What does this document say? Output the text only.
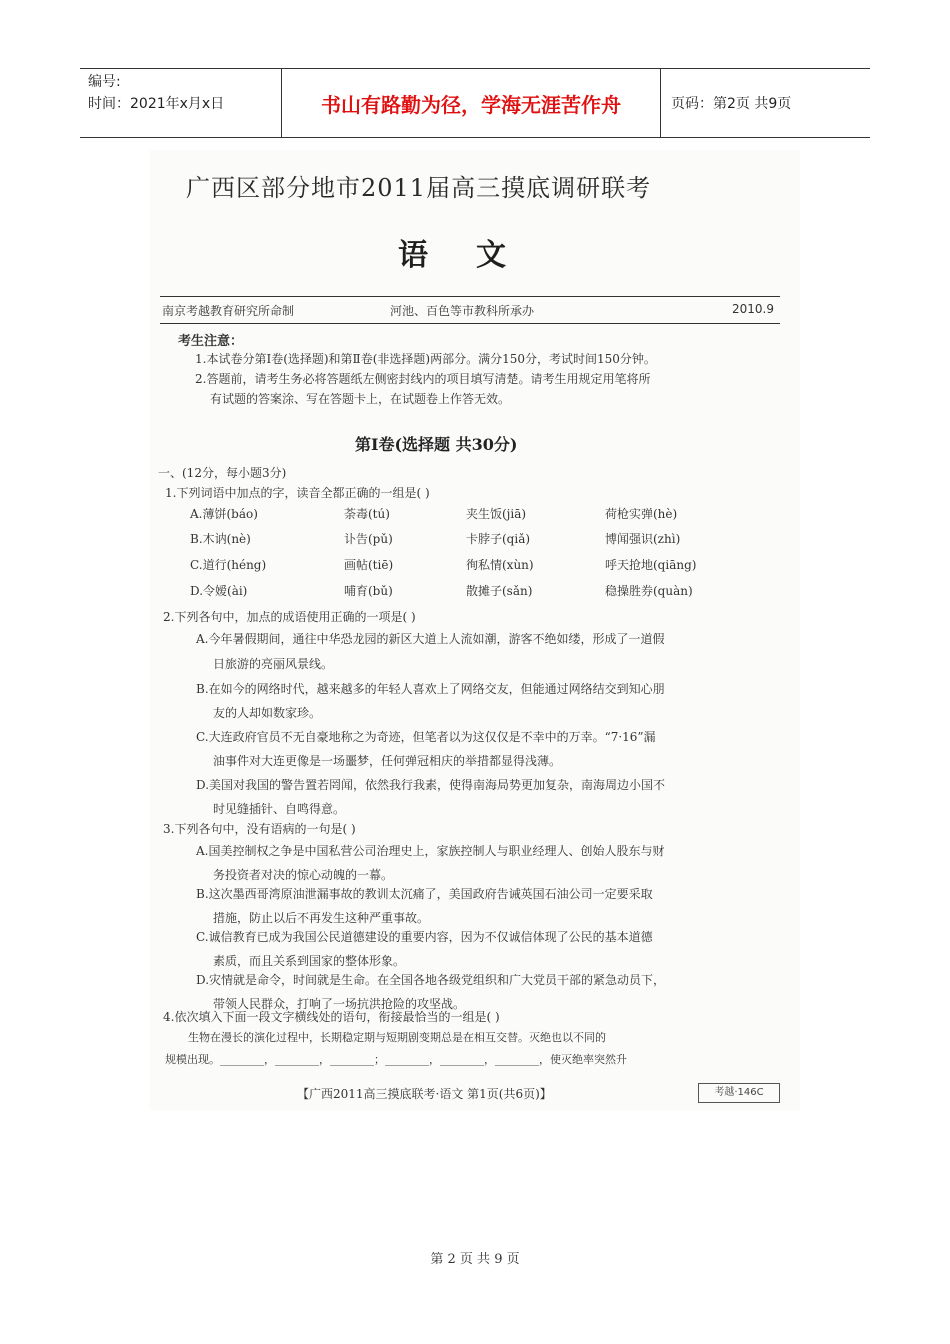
编号:
时间：2021年x月x日	书山有路勤为径，学海无涯苦作舟	页码：第2页 共9页
广西区部分地市2011届高三摸底调研联考
语文
南京考越教育研究所命制	河池、百色等市教科所承办	2010.9
考生注意：
1.本试卷分第Ⅰ卷(选择题)和第Ⅱ卷(非选择题)两部分。满分150分，考试时间150分钟。
2.答题前，请考生务必将答题纸左侧密封线内的项目填写清楚。请考生用规定用笔将所
有试题的答案涂、写在答题卡上，在试题卷上作答无效。
第Ⅰ卷(选择题 共30分)
一、(12分，每小题3分)
1.下列词语中加点的字，读音全都正确的一组是( )
A.薄饼(báo)	荼毒(tú)	夹生饭(jiā)	荷枪实弹(hè)
B.木讷(nè)	讣告(pǔ)	卡脖子(qiǎ)	博闻强识(zhì)
C.道行(héng)	画帖(tiē)	徇私情(xùn)	呼天抢地(qiāng)
D.令嫒(ài)	哺育(bǔ)	散摊子(sǎn)	稳操胜券(quàn)
2.下列各句中，加点的成语使用正确的一项是( )
A.今年暑假期间，通往中华恐龙园的新区大道上人流如潮，游客不绝如缕，形成了一道假
日旅游的亮丽风景线。
B.在如今的网络时代，越来越多的年轻人喜欢上了网络交友，但能通过网络结交到知心朋
友的人却如数家珍。
C.大连政府官员不无自豪地称之为奇迹，但笔者以为这仅仅是不幸中的万幸。“7·16”漏
油事件对大连更像是一场噩梦，任何弹冠相庆的举措都显得浅薄。
D.美国对我国的警告置若罔闻，依然我行我素，使得南海局势更加复杂，南海周边小国不
时见缝插针、自鸣得意。
3.下列各句中，没有语病的一句是( )
A.国美控制权之争是中国私营公司治理史上，家族控制人与职业经理人、创始人股东与财
务投资者对决的惊心动魄的一幕。
B.这次墨西哥湾原油泄漏事故的教训太沉痛了，美国政府告诫英国石油公司一定要采取
措施，防止以后不再发生这种严重事故。
C.诚信教育已成为我国公民道德建设的重要内容，因为不仅诚信体现了公民的基本道德
素质，而且关系到国家的整体形象。
D.灾情就是命令，时间就是生命。在全国各地各级党组织和广大党员干部的紧急动员下，
带领人民群众，打响了一场抗洪抢险的攻坚战。
4.依次填入下面一段文字横线处的语句，衔接最恰当的一组是( )
生物在漫长的演化过程中，长期稳定期与短期剧变期总是在相互交替。灭绝也以不同的
规模出现。________，________，________；________，________，________，使灭绝率突然升
【广西2011高三摸底联考·语文 第1页(共6页)】	考越·146C
第 2 页 共 9 页
